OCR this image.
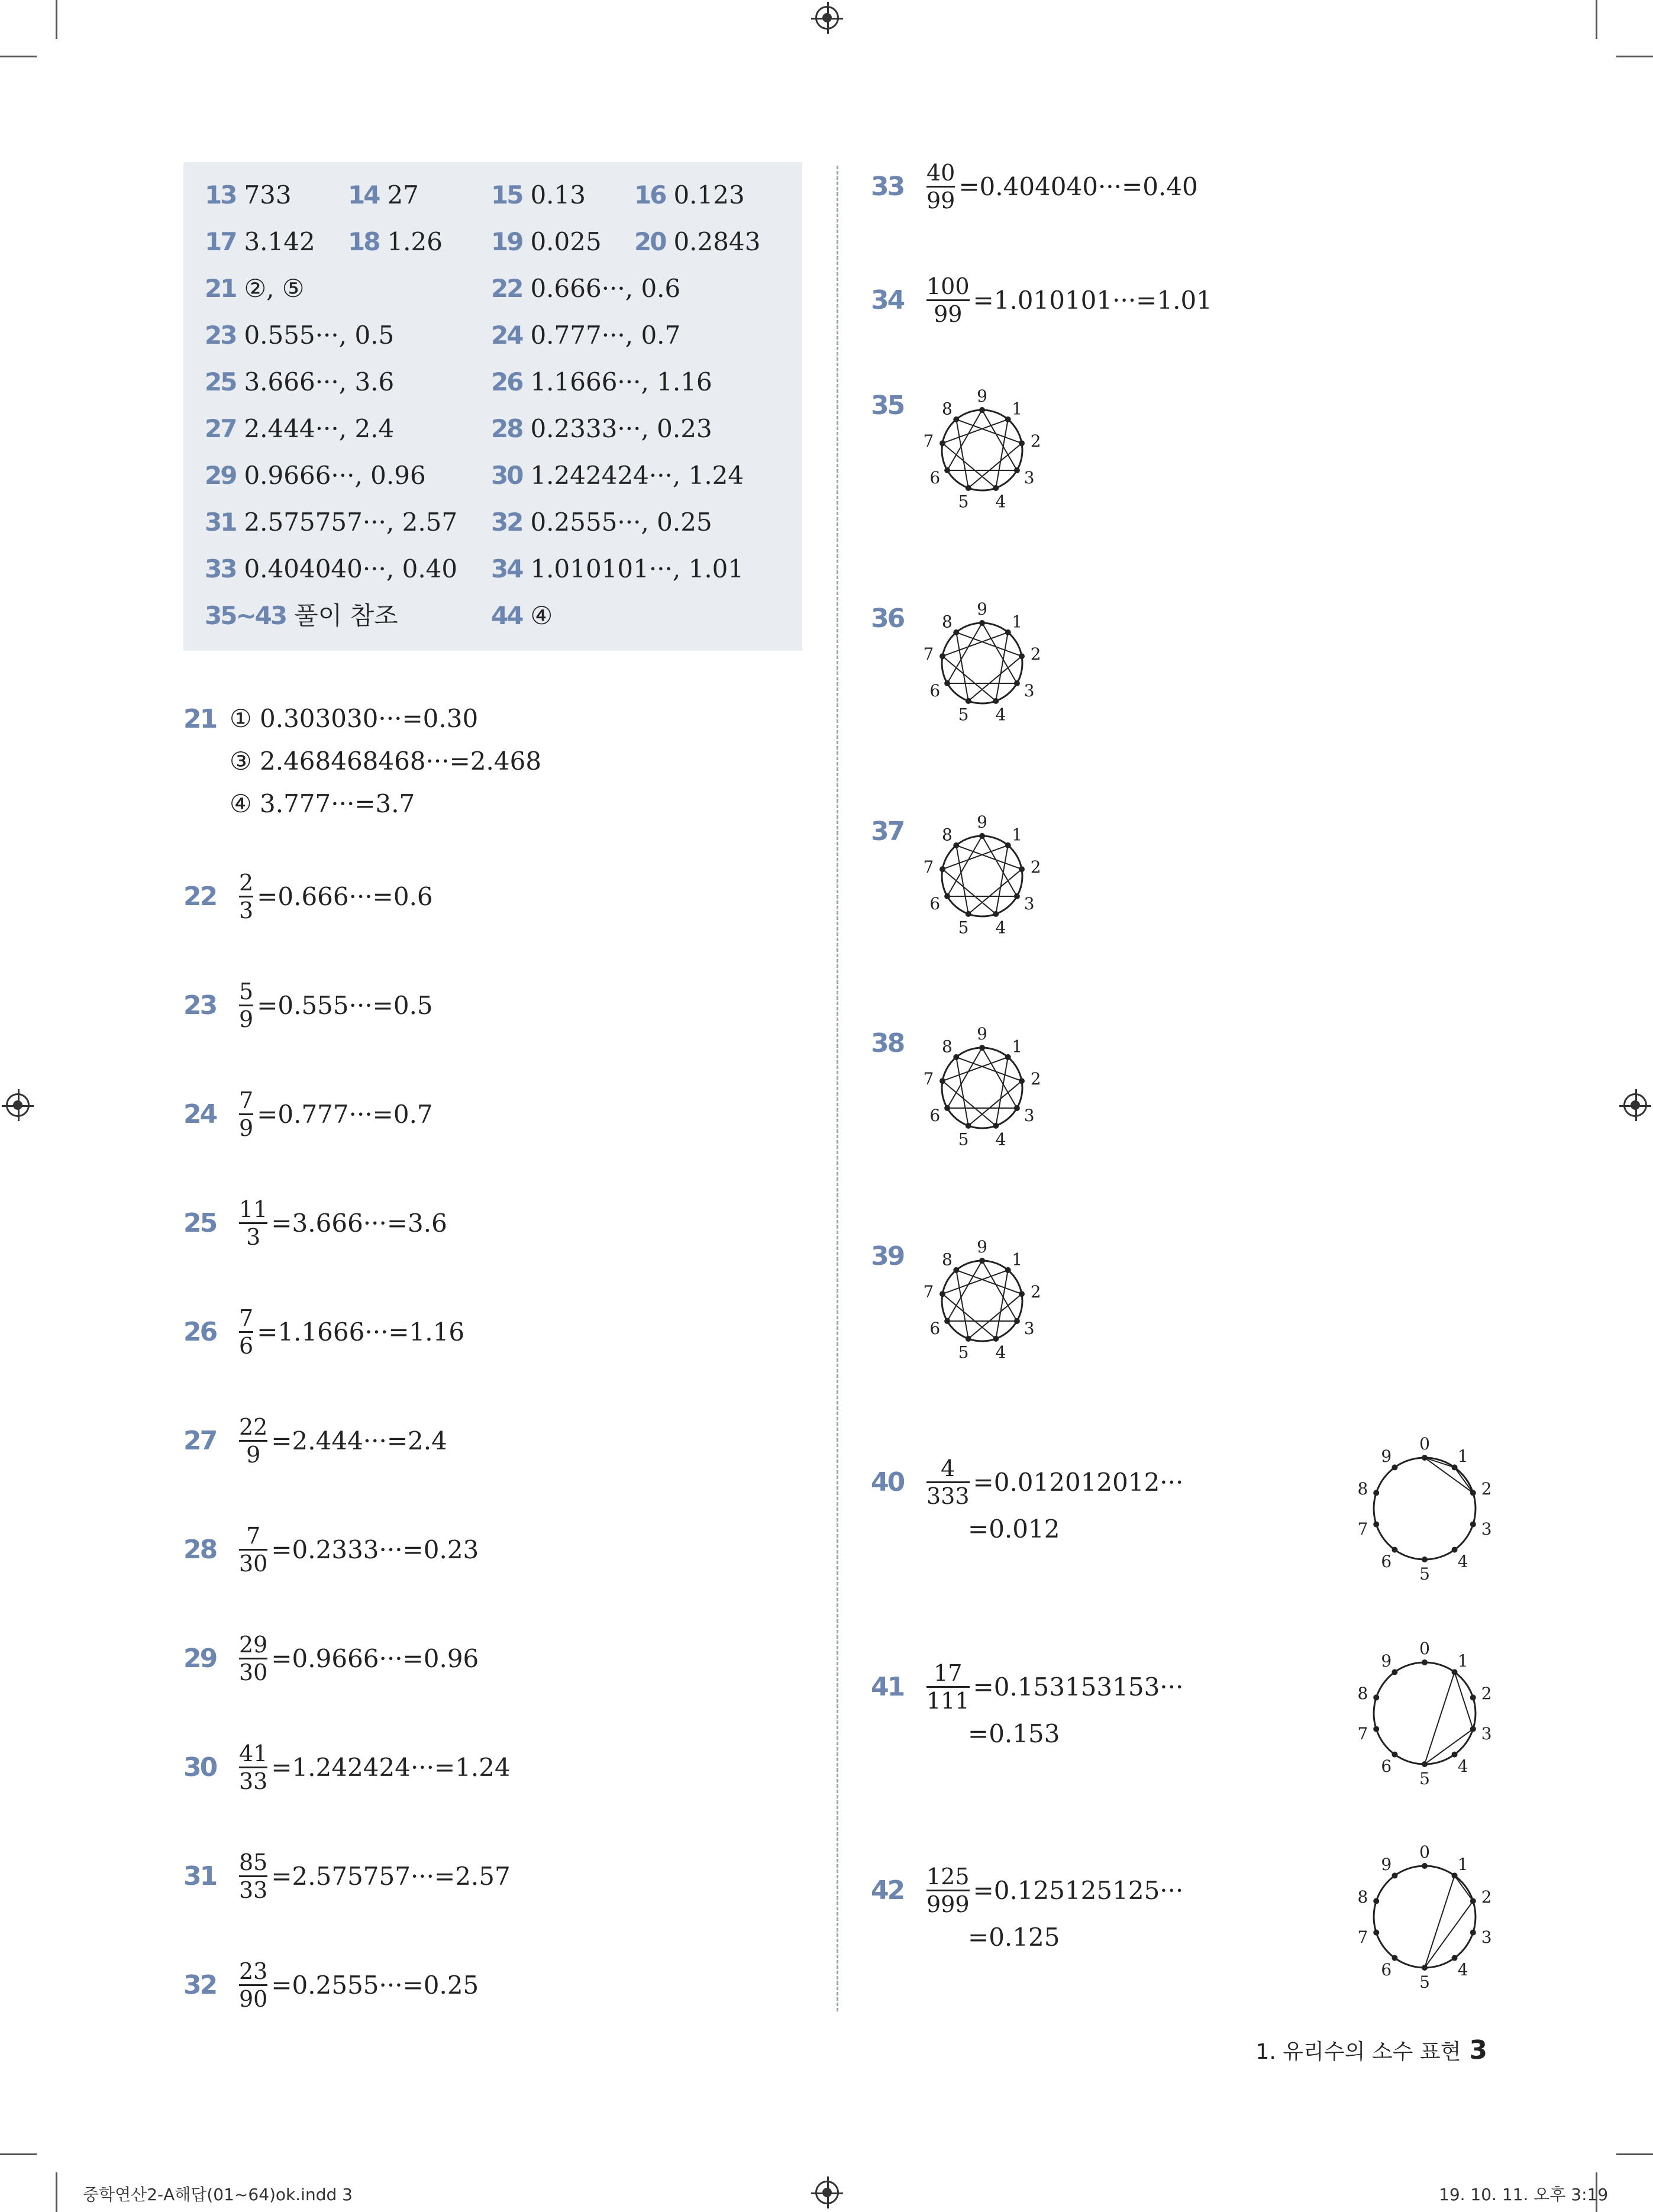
13 733 14 27	15 0.13 16 0.123
17 3.142 18 1.26 19 0.025 20 0.2843
21 ②, ⑤	22 0.666···, 0.6
23 0.555···, 0.5	24 0.777···, 0.7
25 3.666···, 3.6	26 1.1666···, 1.16
27 2.444···, 2.4	28 0.2333···, 0.23
29 0.9666···, 0.96	30 1.242424···, 1.24
31 2.575757···, 2.57 32 0.2555···, 0.25
33 0.404040···, 0.40 34 1.010101···, 1.01
35~43 풀이 참조	44 ④
21 ① 0.303030···=0.30
③ 2.468468468···=2.468
④ 3.777···=3.7
22	$\frac{2}{3} =0.666\cdot\cdot\cdot=0.6$
23	$\frac{5}{9} =0.555\cdot\cdot\cdot=0.5$
24	$\frac{7}{9} =0.777\cdot\cdot\cdot=0.7$
25	$\frac{11}{3} =3.666\cdot\cdot\cdot=3.6$
26	$\frac{7}{6} =1.1666\cdot\cdot\cdot=1.16$
27	$\frac{22}{9} =2.444\cdot\cdot\cdot=2.4$
28	$\frac{7}{30} =0.2333\cdot\cdot\cdot=0.23$
29	$\frac{29}{30} =0.9666\cdot\cdot\cdot=0.96$
30	$\frac{41}{33} =1.242424\cdot\cdot\cdot=1.24$
31	$\frac{85}{33} =2.575757\cdot\cdot\cdot=2.57$
32	$\frac{23}{90} =0.2555\cdot\cdot\cdot=0.25$
33	$\frac{40}{99} =0.404040\cdot\cdot\cdot=0.40$
34	$\frac{100}{99} =1.010101\cdot\cdot\cdot=1.01$
35	9
1
2
3
4
5
6
7
8
36	9
1
2
3
4
5
6
7
8
37	9
1
2
3
4
5
6
7
8
38	9
1
2
3
4
5
6
7
8
39	9
1
2
3
4
5
6
7
8
40	$\frac{4}{333} =0.012012012\cdot\cdot\cdot$
=0.012
0
1
2
3
4
5
6
7
8
9
41	$\frac{17}{111} =0.153153153\cdot\cdot\cdot$
=0.153
0
1
2
3
4
5
6
7
8
9
42	$\frac{125}{999} =0.125125125\cdot\cdot\cdot$
=0.125
0
1
2
3
4
5
6
7
8
9
1. 유리수의 소수 표현 3
중학연산2-A해답(01~64)ok.indd 3	19. 10. 11. 오후 3:19
